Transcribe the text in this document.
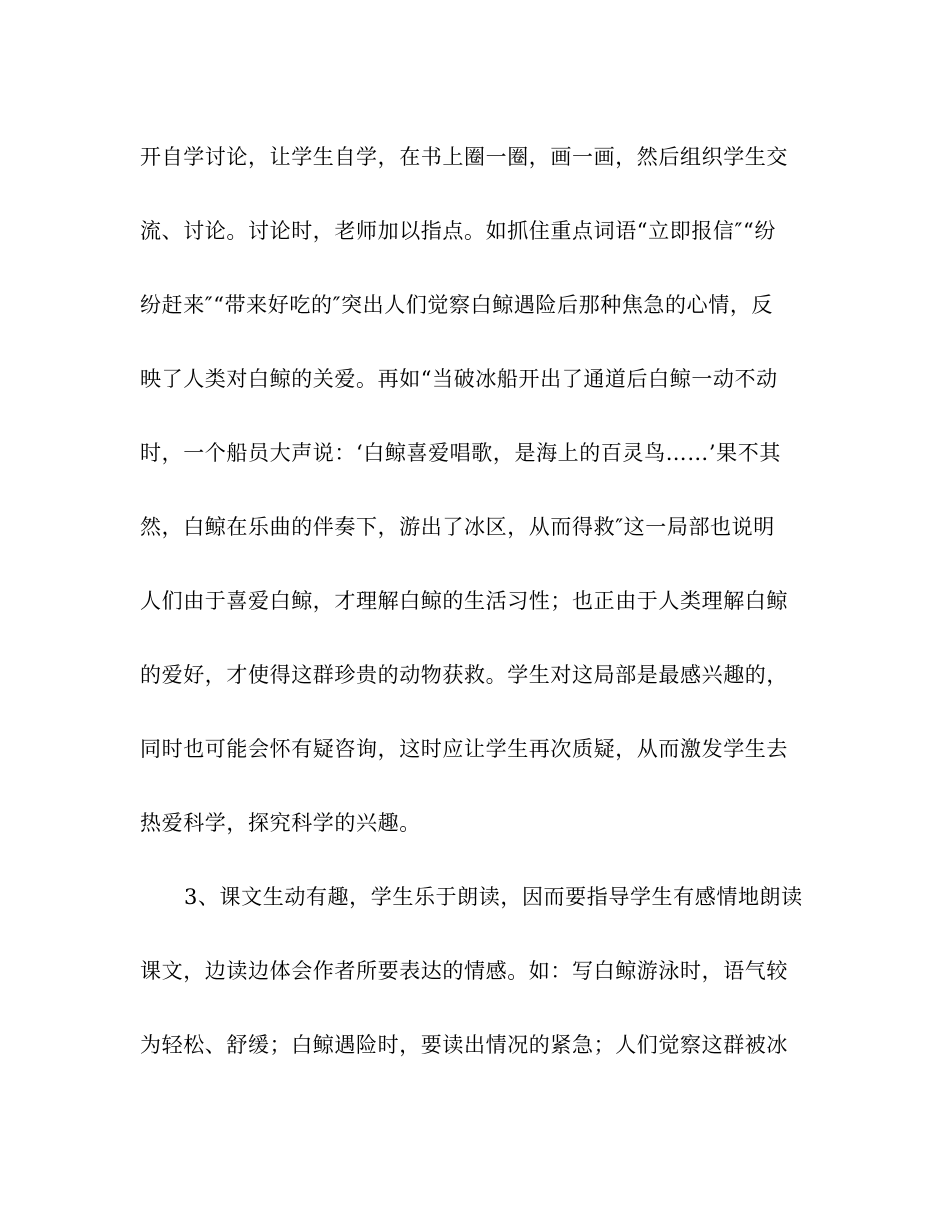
开自学讨论，让学生自学，在书上圈一圈，画一画，然后组织学生交
流、讨论。讨论时，老师加以指点。如抓住重点词语“立即报信″“纷
纷赶来″“带来好吃的″突出人们觉察白鲸遇险后那种焦急的心情，反
映了人类对白鲸的关爱。再如“当破冰船开出了通道后白鲸一动不动
时，一个船员大声说：‘白鲸喜爱唱歌，是海上的百灵鸟……’果不其
然，白鲸在乐曲的伴奏下，游出了冰区，从而得救″这一局部也说明
人们由于喜爱白鲸，才理解白鲸的生活习性；也正由于人类理解白鲸
的爱好，才使得这群珍贵的动物获救。学生对这局部是最感兴趣的，
同时也可能会怀有疑咨询，这时应让学生再次质疑，从而激发学生去
热爱科学，探究科学的兴趣。
3、课文生动有趣，学生乐于朗读，因而要指导学生有感情地朗读
课文，边读边体会作者所要表达的情感。如：写白鲸游泳时，语气较
为轻松、舒缓；白鲸遇险时，要读出情况的紧急；人们觉察这群被冰
